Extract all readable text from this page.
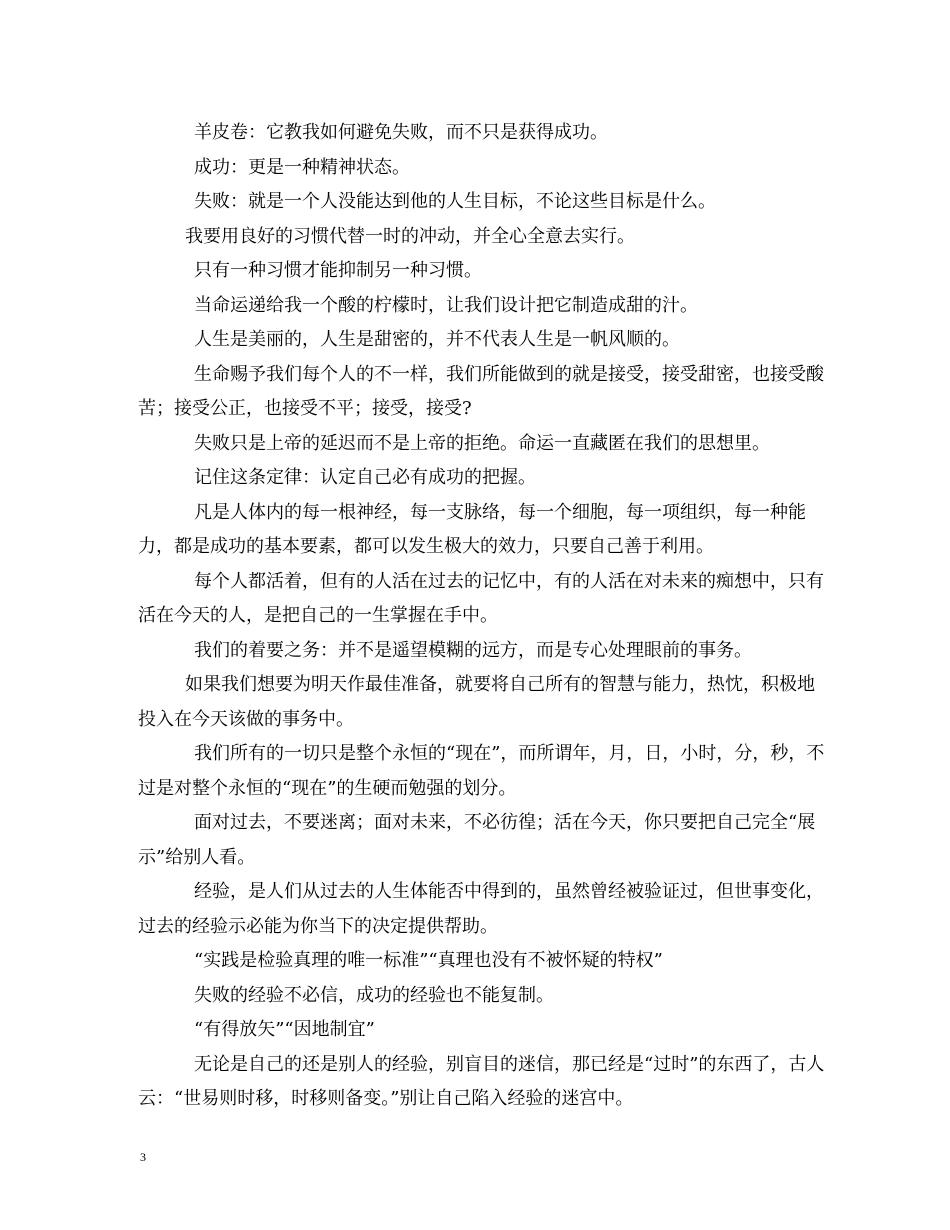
羊皮卷：它教我如何避免失败，而不只是获得成功。

成功：更是一种精神状态。

失败：就是一个人没能达到他的人生目标，不论这些目标是什么。

我要用良好的习惯代替一时的冲动，并全心全意去实行。

只有一种习惯才能抑制另一种习惯。

当命运递给我一个酸的柠檬时，让我们设计把它制造成甜的汁。

人生是美丽的，人生是甜密的，并不代表人生是一帆风顺的。

生命赐予我们每个人的不一样，我们所能做到的就是接受，接受甜密，也接受酸苦；接受公正，也接受不平；接受，接受?

失败只是上帝的延迟而不是上帝的拒绝。命运一直藏匿在我们的思想里。

记住这条定律：认定自己必有成功的把握。

凡是人体内的每一根神经，每一支脉络，每一个细胞，每一项组织，每一种能力，都是成功的基本要素，都可以发生极大的效力，只要自己善于利用。

每个人都活着，但有的人活在过去的记忆中，有的人活在对未来的痴想中，只有活在今天的人，是把自己的一生掌握在手中。

我们的着要之务：并不是遥望模糊的远方，而是专心处理眼前的事务。

如果我们想要为明天作最佳准备，就要将自己所有的智慧与能力，热忱，积极地投入在今天该做的事务中。

我们所有的一切只是整个永恒的“现在”，而所谓年，月，日，小时，分，秒，不过是对整个永恒的“现在”的生硬而勉强的划分。

面对过去，不要迷离；面对未来，不必彷徨；活在今天，你只要把自己完全“展示”给别人看。

经验，是人们从过去的人生体能否中得到的，虽然曾经被验证过，但世事变化，过去的经验示必能为你当下的决定提供帮助。

“实践是检验真理的唯一标准”“真理也没有不被怀疑的特权”

失败的经验不必信，成功的经验也不能复制。

“有得放矢”“因地制宜”

无论是自己的还是别人的经验，别盲目的迷信，那已经是“过时”的东西了，古人云：“世易则时移，时移则备变。”别让自己陷入经验的迷宫中。

3
